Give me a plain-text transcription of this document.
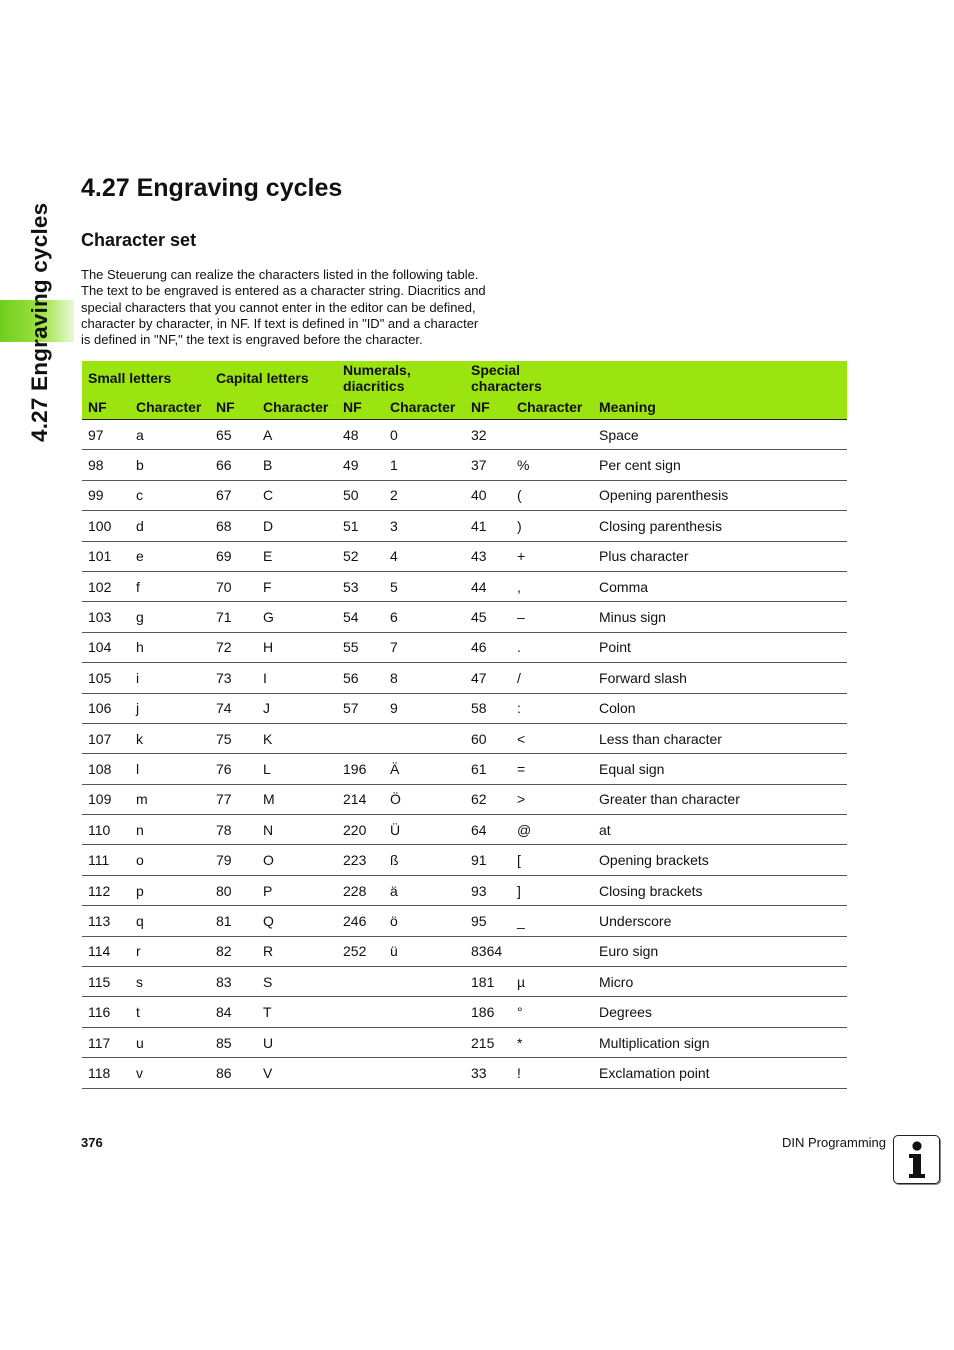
4.27 Engraving cycles
4.27 Engraving cycles
Character set
The Steuerung can realize the characters listed in the following table.
The text to be engraved is entered as a character string. Diacritics and
special characters that you cannot enter in the editor can be defined,
character by character, in NF. If text is defined in "ID" and a character
is defined in "NF," the text is engraved before the character.
Small letters		Capital letters		Numerals, diacritics		Special characters		
NF	Character	NF	Character	NF	Character	NF	Character	Meaning
97	a	65	A	48	0	32		Space
98	b	66	B	49	1	37	%	Per cent sign
99	c	67	C	50	2	40	(	Opening parenthesis
100	d	68	D	51	3	41	)	Closing parenthesis
101	e	69	E	52	4	43	+	Plus character
102	f	70	F	53	5	44	,	Comma
103	g	71	G	54	6	45	–	Minus sign
104	h	72	H	55	7	46	.	Point
105	i	73	I	56	8	47	/	Forward slash
106	j	74	J	57	9	58	:	Colon
107	k	75	K			60	<	Less than character
108	l	76	L	196	Ä	61	=	Equal sign
109	m	77	M	214	Ö	62	>	Greater than character
110	n	78	N	220	Ü	64	@	at
111	o	79	O	223	ß	91	[	Opening brackets
112	p	80	P	228	ä	93	]	Closing brackets
113	q	81	Q	246	ö	95	_	Underscore
114	r	82	R	252	ü	8364		Euro sign
115	s	83	S			181	µ	Micro
116	t	84	T			186	°	Degrees
117	u	85	U			215	*	Multiplication sign
118	v	86	V			33	!	Exclamation point
376	DIN Programming
